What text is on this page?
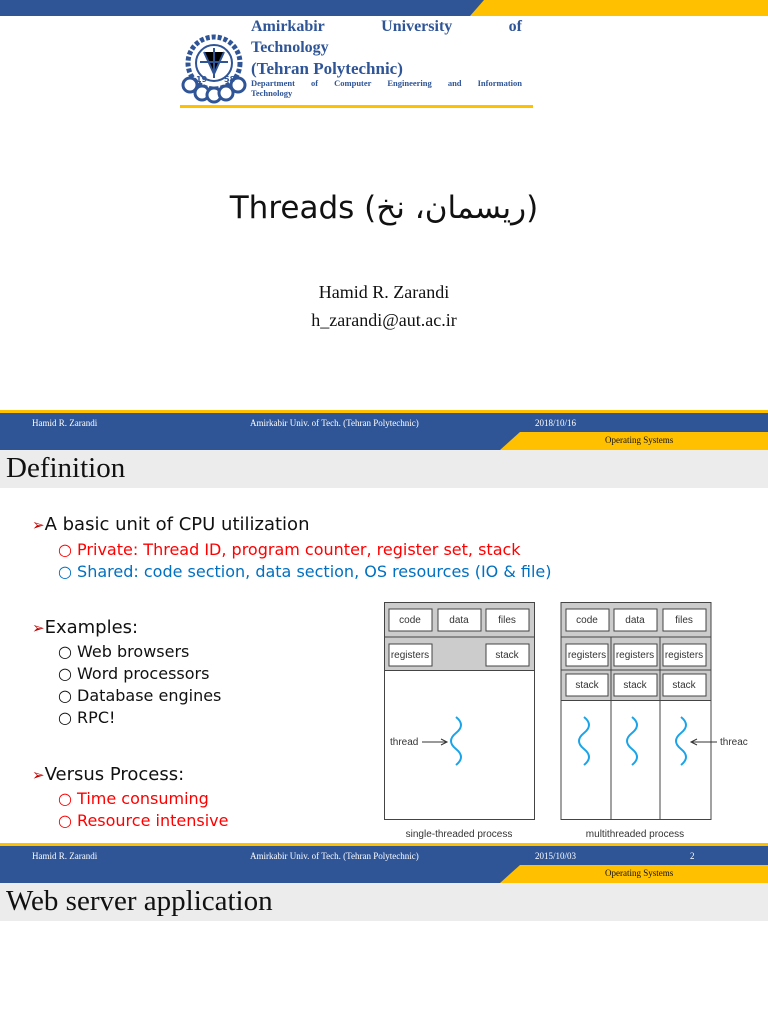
19 58
Amirkabir	University	of
Technology
(Tehran Polytechnic)
Department of Computer Engineering and Information
Technology
Threads (ریسمان، نخ)
Hamid R. Zarandi
h_zarandi@aut.ac.ir
Hamid R. Zarandi	Amirkabir Univ. of Tech. (Tehran Polytechnic)	2018/10/16
Operating Systems
Definition
➢A basic unit of CPU utilization
○ Private: Thread ID, program counter, register set, stack
○ Shared: code section, data section, OS resources (IO & file)
➢Examples:
○ Web browsers
○ Word processors
○ Database engines
○ RPC!
➢Versus Process:
○ Time consuming
○ Resource intensive
code	data	files
registers	stack
code	data	files
registers registers registers
stack stack	stack
single-threaded process	multithreaded process
thread	threac
Hamid R. Zarandi	Amirkabir Univ. of Tech. (Tehran Polytechnic)	2015/10/03	2
Operating Systems
Web server application
